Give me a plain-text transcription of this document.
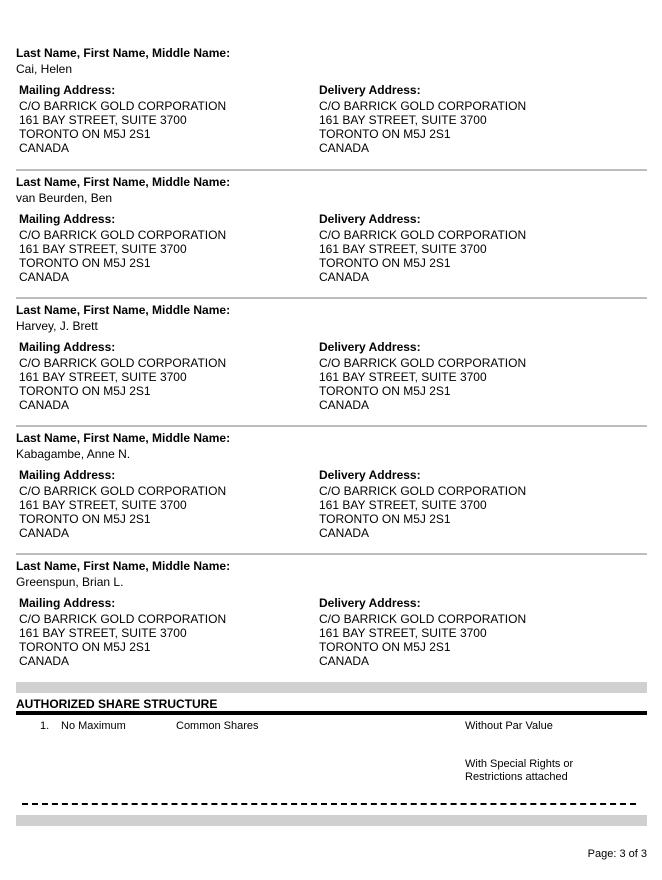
Last Name, First Name, Middle Name:
Cai, Helen
Mailing Address:
C/O BARRICK GOLD CORPORATION
161 BAY STREET, SUITE 3700
TORONTO ON M5J 2S1
CANADA
Delivery Address:
C/O BARRICK GOLD CORPORATION
161 BAY STREET, SUITE 3700
TORONTO ON M5J 2S1
CANADA
Last Name, First Name, Middle Name:
van Beurden, Ben
Mailing Address:
C/O BARRICK GOLD CORPORATION
161 BAY STREET, SUITE 3700
TORONTO ON M5J 2S1
CANADA
Delivery Address:
C/O BARRICK GOLD CORPORATION
161 BAY STREET, SUITE 3700
TORONTO ON M5J 2S1
CANADA
Last Name, First Name, Middle Name:
Harvey, J. Brett
Mailing Address:
C/O BARRICK GOLD CORPORATION
161 BAY STREET, SUITE 3700
TORONTO ON M5J 2S1
CANADA
Delivery Address:
C/O BARRICK GOLD CORPORATION
161 BAY STREET, SUITE 3700
TORONTO ON M5J 2S1
CANADA
Last Name, First Name, Middle Name:
Kabagambe, Anne N.
Mailing Address:
C/O BARRICK GOLD CORPORATION
161 BAY STREET, SUITE 3700
TORONTO ON M5J 2S1
CANADA
Delivery Address:
C/O BARRICK GOLD CORPORATION
161 BAY STREET, SUITE 3700
TORONTO ON M5J 2S1
CANADA
Last Name, First Name, Middle Name:
Greenspun, Brian L.
Mailing Address:
C/O BARRICK GOLD CORPORATION
161 BAY STREET, SUITE 3700
TORONTO ON M5J 2S1
CANADA
Delivery Address:
C/O BARRICK GOLD CORPORATION
161 BAY STREET, SUITE 3700
TORONTO ON M5J 2S1
CANADA
AUTHORIZED SHARE STRUCTURE
1. No Maximum	Common Shares	Without Par Value
With Special Rights or
Restrictions attached
Page: 3 of 3
